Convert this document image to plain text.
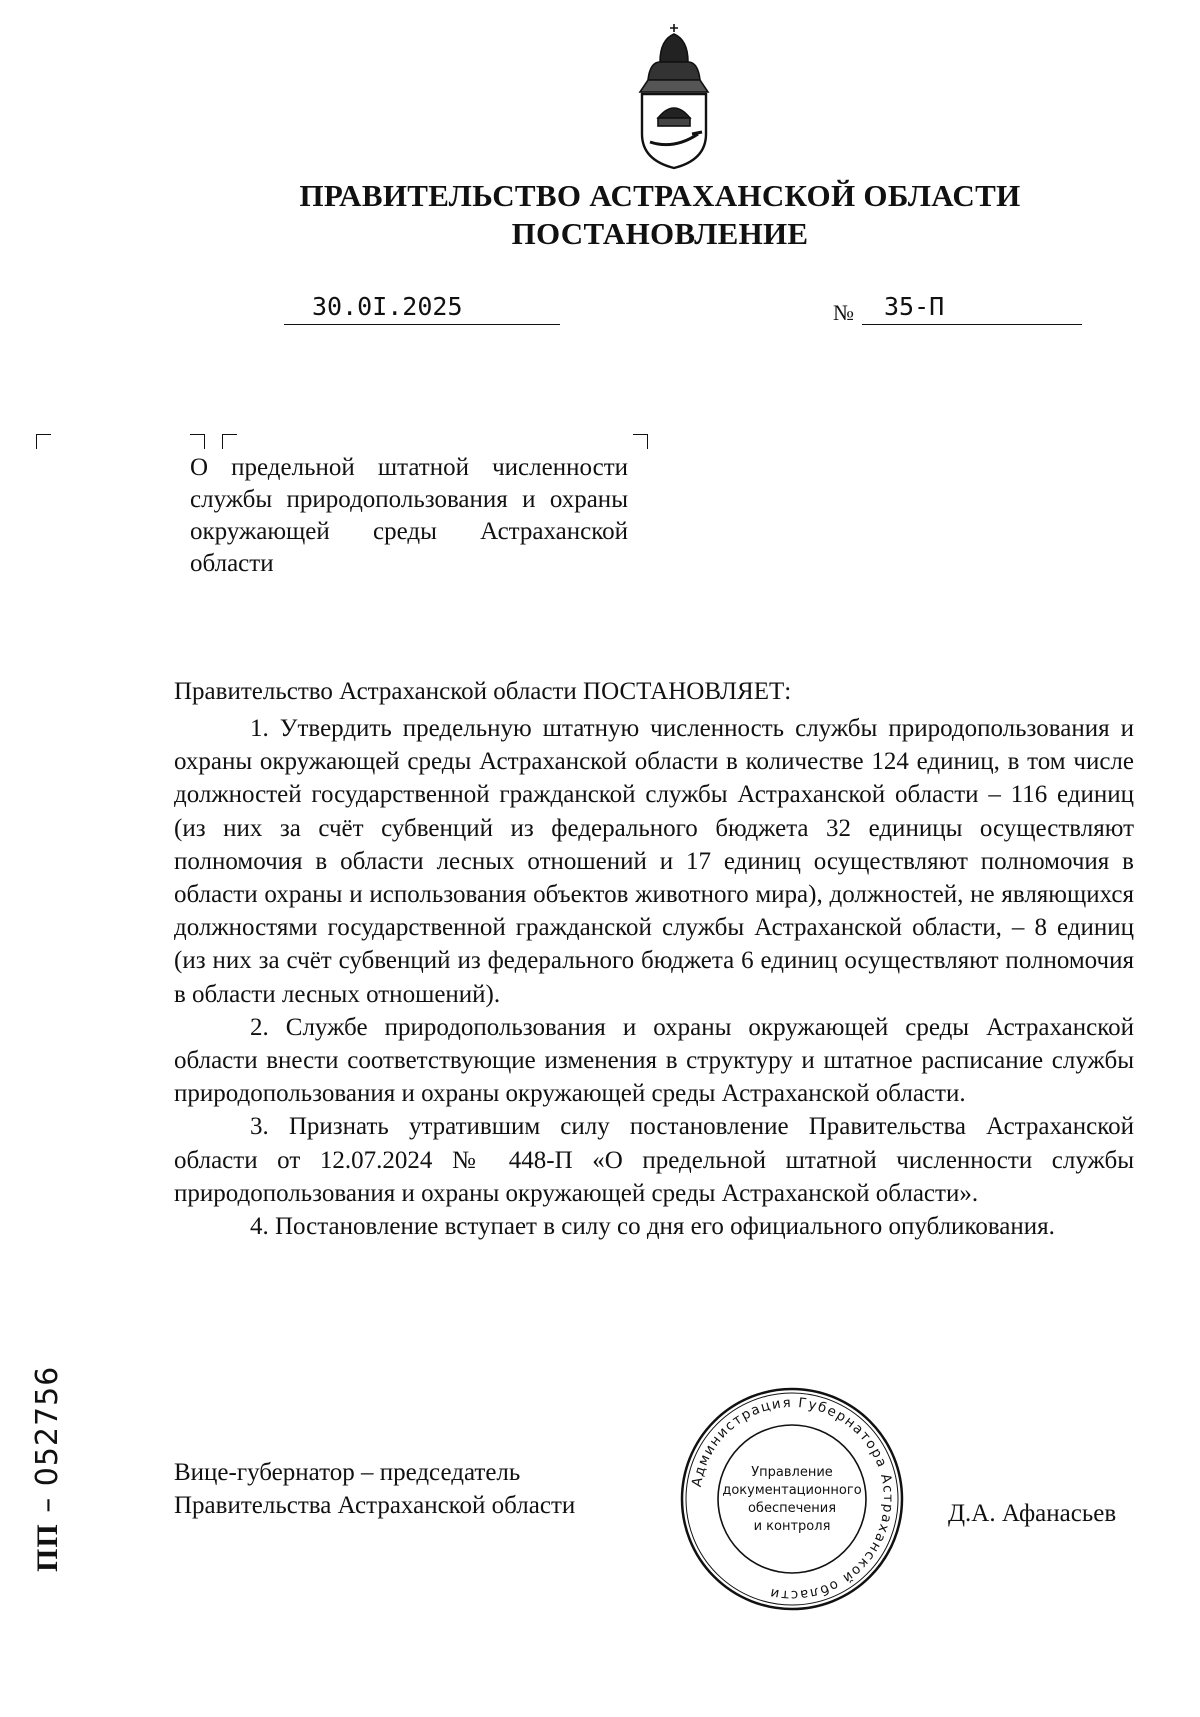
ПРАВИТЕЛЬСТВО АСТРАХАНСКОЙ ОБЛАСТИ
ПОСТАНОВЛЕНИЕ
30.0I.2025	№ 35-П
О предельной штатной численности службы природопользования и охраны окружающей среды Астраханской области
Правительство Астраханской области ПОСТАНОВЛЯЕТ:

1. Утвердить предельную штатную численность службы природопользования и охраны окружающей среды Астраханской области в количестве 124 единиц, в том числе должностей государственной гражданской службы Астраханской области – 116 единиц (из них за счёт субвенций из федерального бюджета 32 единицы осуществляют полномочия в области лесных отношений и 17 единиц осуществляют полномочия в области охраны и использования объектов животного мира), должностей, не являющихся должностями государственной гражданской службы Астраханской области, – 8 единиц (из них за счёт субвенций из федерального бюджета 6 единиц осуществляют полномочия в области лесных отношений).

2. Службе природопользования и охраны окружающей среды Астраханской области внести соответствующие изменения в структуру и штатное расписание службы природопользования и охраны окружающей среды Астраханской области.

3. Признать утратившим силу постановление Правительства Астраханской области от 12.07.2024 № 448-П «О предельной штатной численности службы природопользования и охраны окружающей среды Астраханской области».

4. Постановление вступает в силу со дня его официального опубликования.

Вице-губернатор – председатель
Правительства Астраханской области	Д.А. Афанасьев
Администрация Губернатора Астраханской области
Управление
документационного
обеспечения
и контроля
ПП – 052756
